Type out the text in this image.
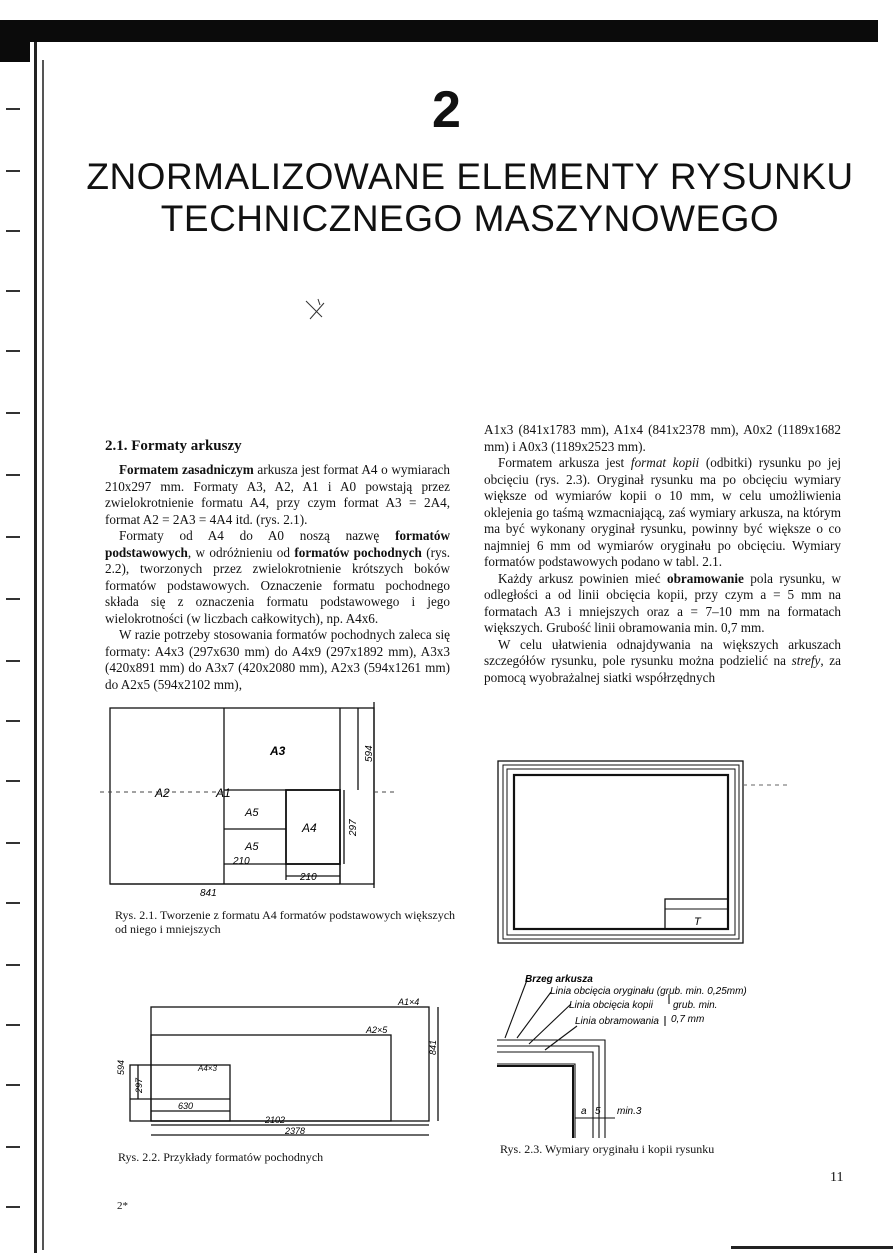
2
ZNORMALIZOWANE ELEMENTY RYSUNKU
TECHNICZNEGO MASZYNOWEGO
2.1. Formaty arkuszy

Formatem zasadniczym arkusza jest format A4 o wymiarach 210x297 mm. Formaty A3, A2, A1 i A0 powstają przez zwielokrotnienie formatu A4, przy czym format A3 = 2A4, format A2 = 2A3 = 4A4 itd. (rys. 2.1).

Formaty od A4 do A0 noszą nazwę formatów podstawowych, w odróżnieniu od formatów pochodnych (rys. 2.2), tworzonych przez zwielokrotnienie krótszych boków formatów podstawowych. Oznaczenie formatu pochodnego składa się z oznaczenia formatu podstawowego i jego wielokrotności (w liczbach całkowitych), np. A4x6.

W razie potrzeby stosowania formatów pochodnych zaleca się formaty: A4x3 (297x630 mm) do A4x9 (297x1892 mm), A3x3 (420x891 mm) do A3x7 (420x2080 mm), A2x3 (594x1261 mm) do A2x5 (594x2102 mm),

A1x3 (841x1783 mm), A1x4 (841x2378 mm), A0x2 (1189x1682 mm) i A0x3 (1189x2523 mm).

Formatem arkusza jest format kopii (odbitki) rysunku po jej obcięciu (rys. 2.3). Oryginał rysunku ma po obcięciu wymiary większe od wymiarów kopii o 10 mm, w celu umożliwienia oklejenia go taśmą wzmacniającą, zaś wymiary arkusza, na którym ma być wykonany oryginał rysunku, powinny być większe o co najmniej 6 mm od wymiarów oryginału po obcięciu. Wymiary formatów podstawowych podano w tabl. 2.1.

Każdy arkusz powinien mieć obramowanie pola rysunku, w odległości a od linii obcięcia kopii, przy czym a = 5 mm na formatach A3 i mniejszych oraz a = 7–10 mm na formatach większych. Grubość linii obramowania min. 0,7 mm.

W celu ułatwienia odnajdywania na większych arkuszach szczegółów rysunku, pole rysunku można podzielić na strefy, za pomocą wyobrażalnej siatki współrzędnych

A3
A2	A1
A5
A4
A5
210
210
841
594
297
Rys. 2.1. Tworzenie z formatu A4 formatów podstawowych większych od niego i mniejszych
A1×4
A2×5
A4×3
630
2102
2378
594
297
841
Rys. 2.2. Przykłady formatów pochodnych
T
Brzeg arkusza
Linia obcięcia oryginału (grub. min. 0,25mm)
Linia obcięcia kopii
Linia obramowania
grub. min.
0,7 mm
a 5 min.3
Rys. 2.3. Wymiary oryginału i kopii rysunku
11
2*
